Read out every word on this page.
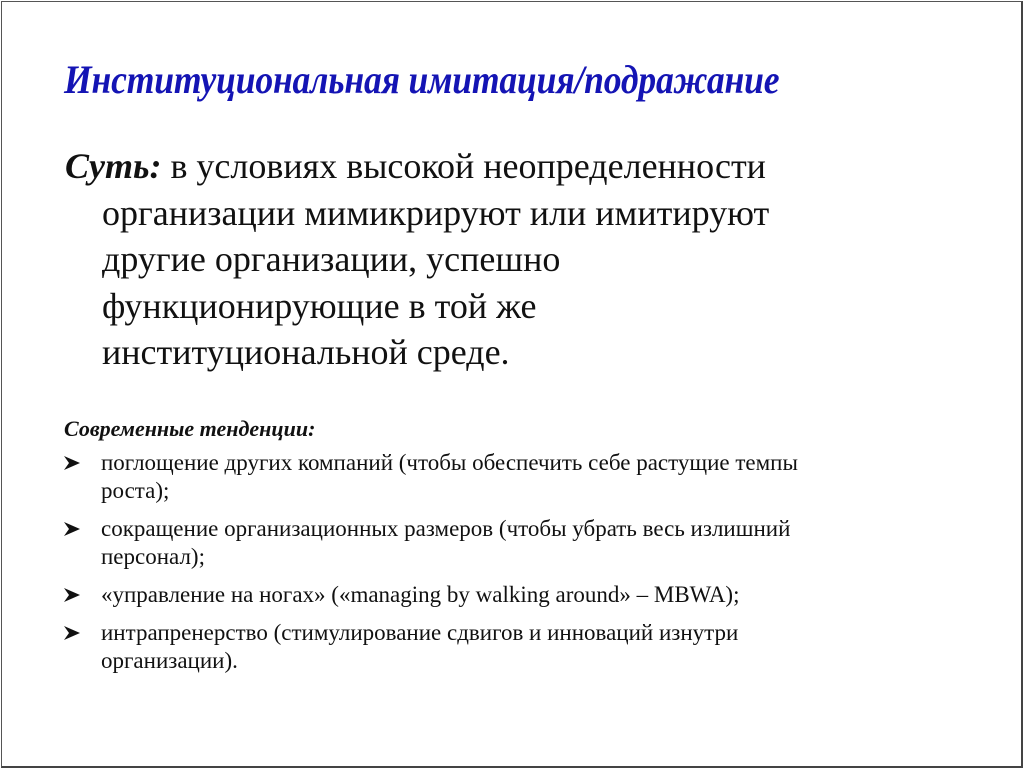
Институциональная имитация/подражание
Суть: в условиях высокой неопределенности
организации мимикрируют или имитируют
другие организации, успешно
функционирующие в той же
институциональной среде.
Современные тенденции:
поглощение других компаний (чтобы обеспечить себе растущие темпы
роста);
сокращение организационных размеров (чтобы убрать весь излишний
персонал);
«управление на ногах» («managing by walking around» – MBWA);
интрапренерство (стимулирование сдвигов и инноваций изнутри
организации).
